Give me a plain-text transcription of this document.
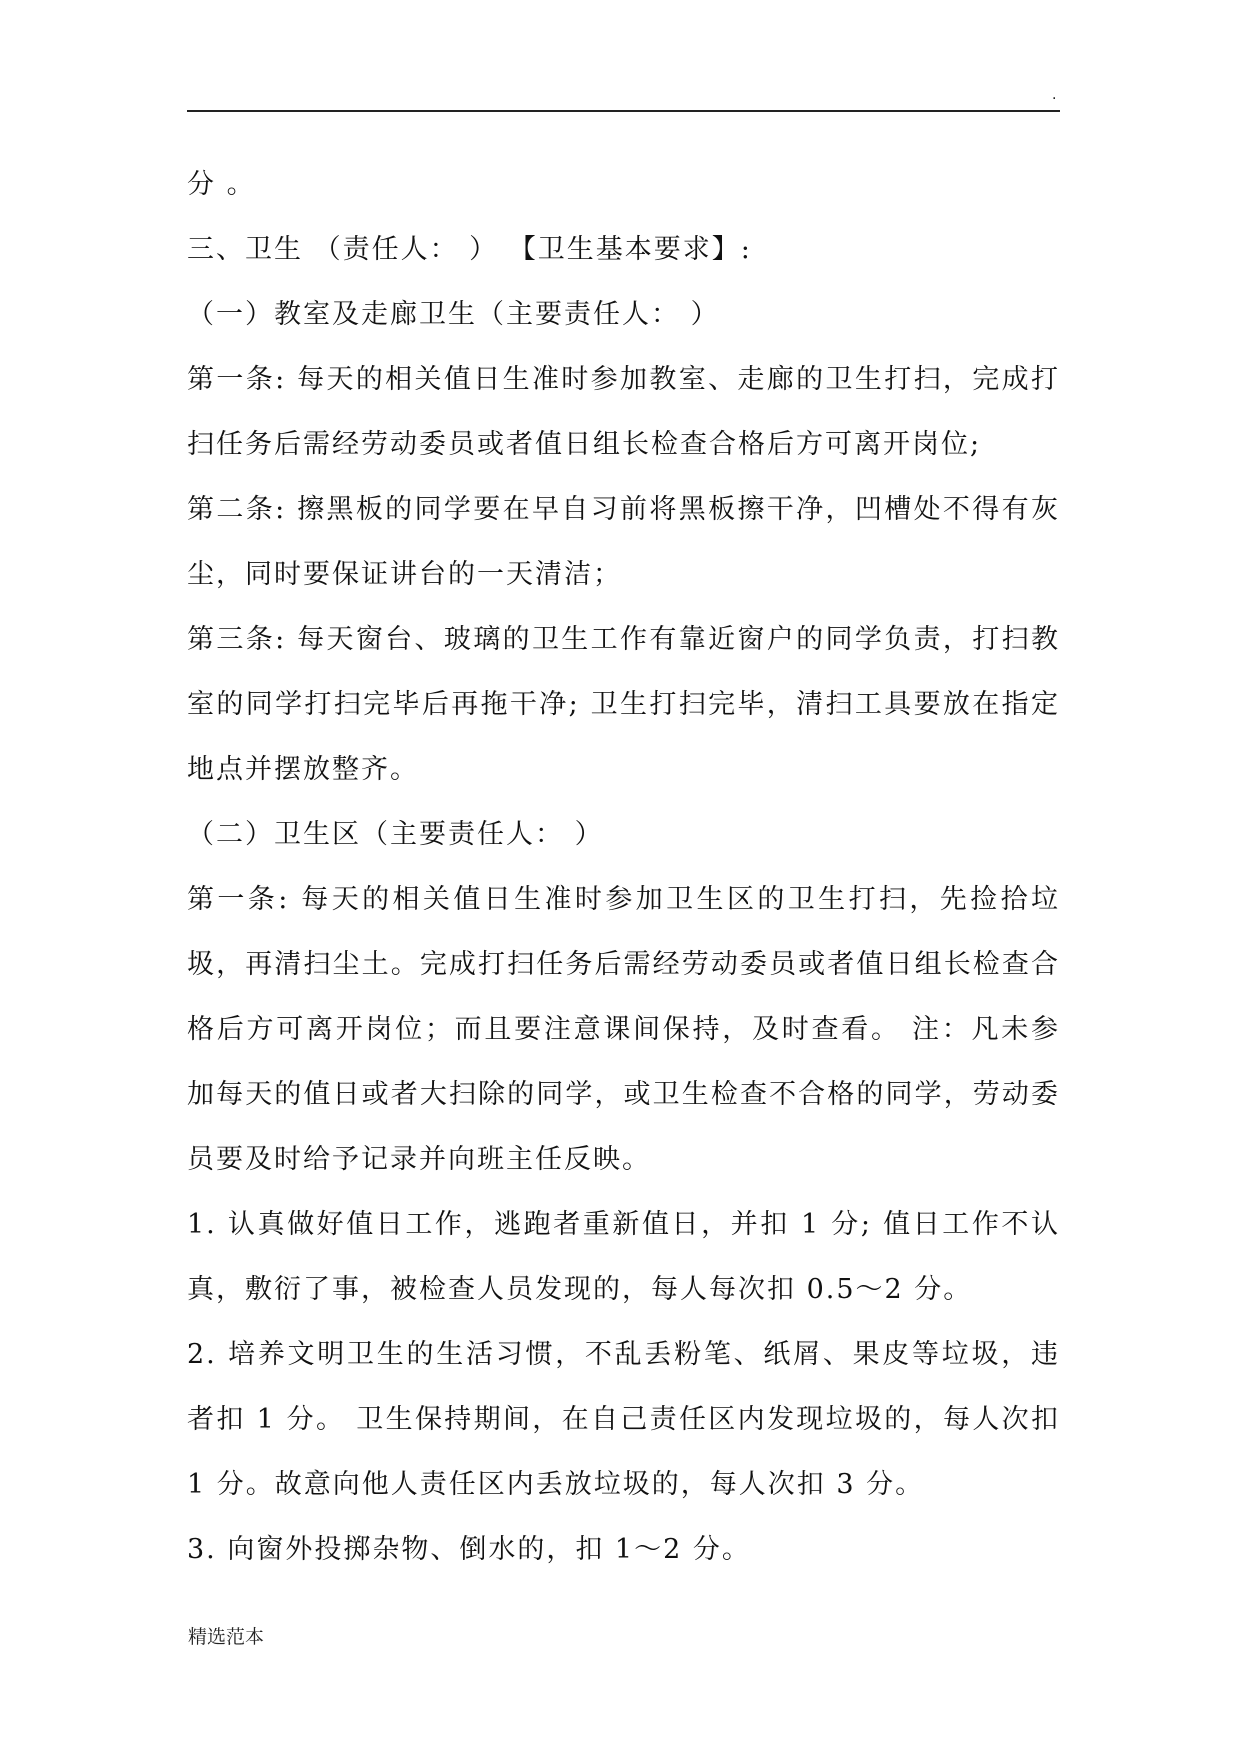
.

分 。

三、卫生 （责任人： ） 【卫生基本要求】:

（一）教室及走廊卫生（主要责任人： ）

第一条: 每天的相关值日生准时参加教室、走廊的卫生打扫，完成打扫任务后需经劳动委员或者值日组长检查合格后方可离开岗位;

第二条: 擦黑板的同学要在早自习前将黑板擦干净，凹槽处不得有灰尘，同时要保证讲台的一天清洁；

第三条: 每天窗台、玻璃的卫生工作有靠近窗户的同学负责，打扫教室的同学打扫完毕后再拖干净; 卫生打扫完毕，清扫工具要放在指定地点并摆放整齐。

（二）卫生区（主要责任人： ）

第一条: 每天的相关值日生准时参加卫生区的卫生打扫，先捡拾垃圾，再清扫尘土。完成打扫任务后需经劳动委员或者值日组长检查合格后方可离开岗位；而且要注意课间保持，及时查看。 注：凡未参加每天的值日或者大扫除的同学，或卫生检查不合格的同学，劳动委员要及时给予记录并向班主任反映。

1. 认真做好值日工作，逃跑者重新值日，并扣 1 分; 值日工作不认真，敷衍了事，被检查人员发现的，每人每次扣 0.5～2 分。

2. 培养文明卫生的生活习惯，不乱丢粉笔、纸屑、果皮等垃圾，违者扣 1 分。 卫生保持期间，在自己责任区内发现垃圾的，每人次扣 1 分。故意向他人责任区内丢放垃圾的，每人次扣 3 分。

3. 向窗外投掷杂物、倒水的，扣 1～2 分。

精选范本
